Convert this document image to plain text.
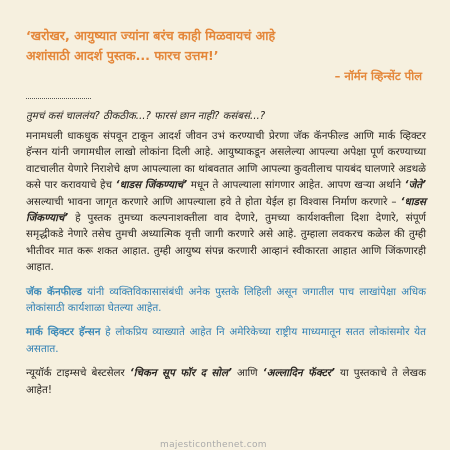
‘खरोखर, आयुष्यात ज्यांना बरंच काही मिळवायचं आहे
अशांसाठी आदर्श पुस्तक... फारच उत्तम!’
– नॉर्मन व्हिन्सेंट पील
तुमचं कसं चाललंय? ठीकठीक...? फारसं छान नाही? कसंबसं...?

मनामधली धाकधुक संपवून टाकून आदर्श जीवन उभं करण्याची प्रेरणा जॅक कॅनफील्ड आणि मार्क व्हिक्टर हॅन्सन यांनी जगामधील लाखो लोकांना दिली आहे. आयुष्याकडून असलेल्या आपल्या अपेक्षा पूर्ण करण्याच्या वाटचालीत येणारे निराशेचे क्षण आपल्याला का थांबवतात आणि आपल्या कुवतीलाच पायबंद घालणारे अडथळे कसे पार करावयाचे हेच ‘धाडस जिंकण्याचं’ मधून ते आपल्याला सांगणार आहेत. आपण खऱ्या अर्थाने ‘जेते’ असल्याची भावना जागृत करणारे आणि आपल्याला हवे ते होता येईल हा विश्वास निर्माण करणारे – ‘धाडस जिंकण्याचं’ हे पुस्तक तुमच्या कल्पनाशक्तीला वाव देणारे, तुमच्या कार्यशक्तीला दिशा देणारे, संपूर्ण समृद्धीकडे नेणारे तसेच तुमची अध्यात्मिक वृत्ती जागी करणारे असे आहे. तुम्हाला लवकरच कळेल की तुम्ही भीतीवर मात करू शकत आहात. तुम्ही आयुष्य संपन्न करणारी आव्हानं स्वीकारता आहात आणि जिंकणारही आहात.

जॅक कॅनफील्ड यांनी व्यक्तिविकासासंबंधी अनेक पुस्तके लिहिली असून जगातील पाच लाखांपेक्षा अधिक लोकांसाठी कार्यशाळा घेतल्या आहेत.

मार्क व्हिक्टर हॅन्सन हे लोकप्रिय व्याख्याते आहेत नि अमेरिकेच्या राष्ट्रीय माध्यमातून सतत लोकांसमोर येत असतात.

न्यूयॉर्क टाइम्सचे बेस्टसेलर ‘चिकन सूप फॉर द सोल’ आणि ‘अल्लादिन फॅक्टर’ या पुस्तकाचे ते लेखक आहेत!

majesticonthenet.com
